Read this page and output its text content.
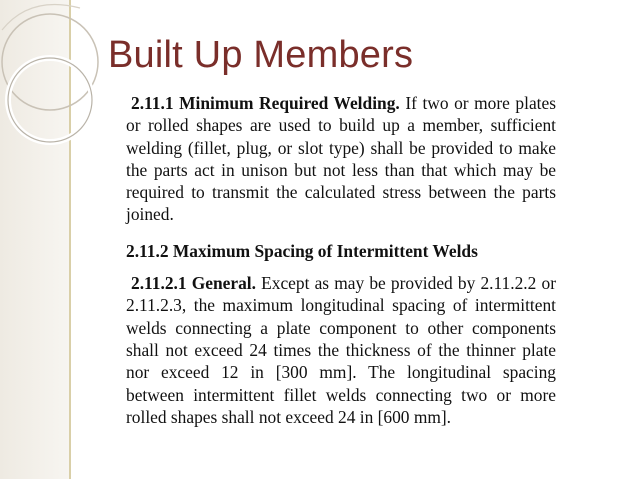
Built Up Members
2.11.1 Minimum Required Welding. If two or more plates or rolled shapes are used to build up a member, sufficient welding (fillet, plug, or slot type) shall be provided to make the parts act in unison but not less than that which may be required to transmit the calculated stress between the parts joined.
2.11.2 Maximum Spacing of Intermittent Welds
2.11.2.1 General. Except as may be provided by 2.11.2.2 or 2.11.2.3, the maximum longitudinal spacing of intermittent welds connecting a plate component to other components shall not exceed 24 times the thickness of the thinner plate nor exceed 12 in [300 mm]. The longitudinal spacing between intermittent fillet welds connecting two or more rolled shapes shall not exceed 24 in [600 mm].
